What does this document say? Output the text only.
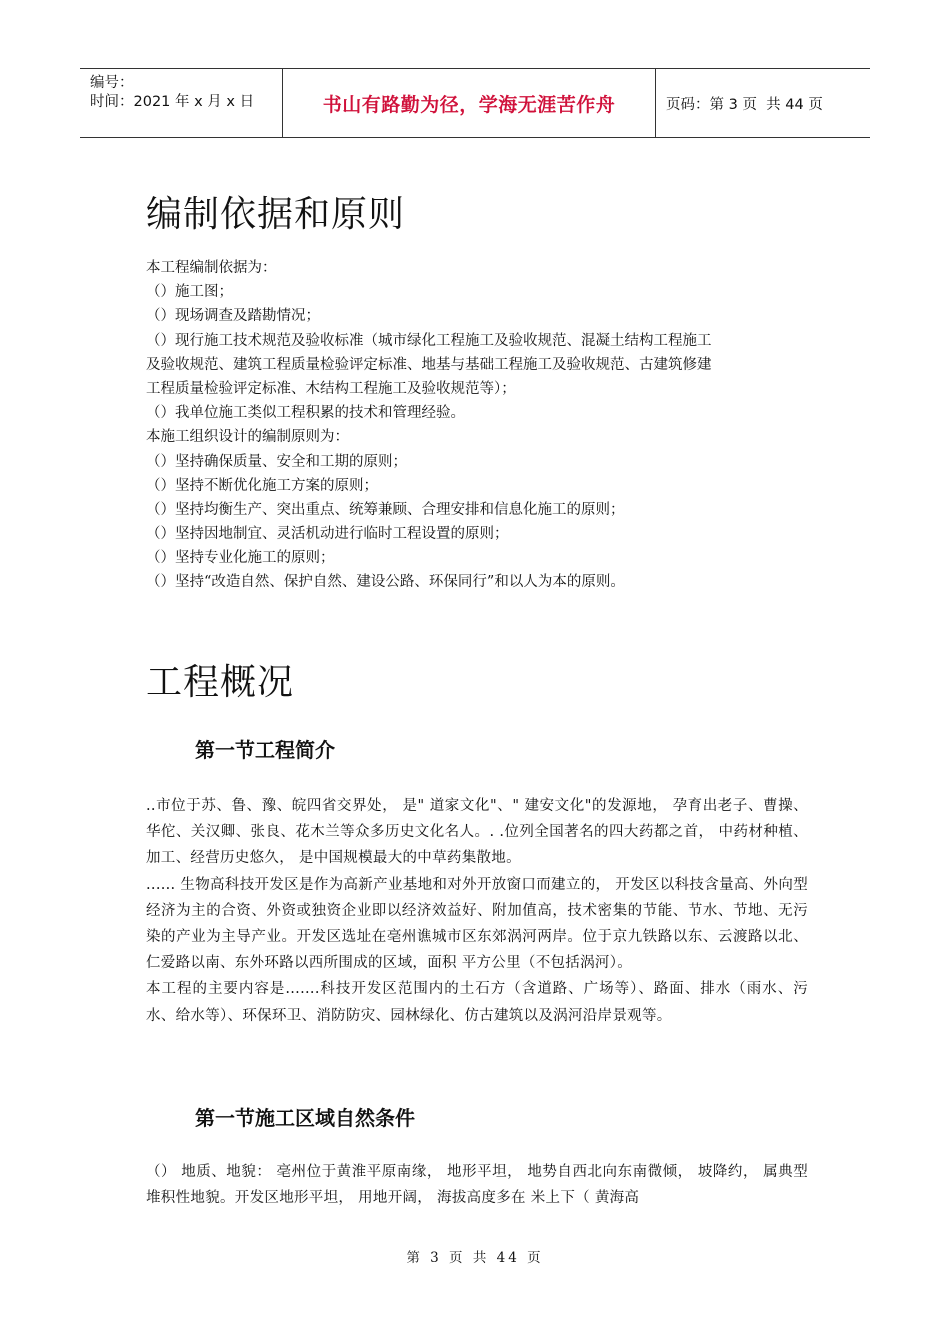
编号：
时间：2021 年 x 月 x 日	书山有路勤为径，学海无涯苦作舟	页码：第 3 页  共 44 页
编制依据和原则
本工程编制依据为：
（）施工图；
（）现场调查及踏勘情况；
（）现行施工技术规范及验收标准（城市绿化工程施工及验收规范、混凝土结构工程施工
及验收规范、建筑工程质量检验评定标准、地基与基础工程施工及验收规范、古建筑修建
工程质量检验评定标准、木结构工程施工及验收规范等）；
（）我单位施工类似工程积累的技术和管理经验。
本施工组织设计的编制原则为：
（）坚持确保质量、安全和工期的原则；
（）坚持不断优化施工方案的原则；
（）坚持均衡生产、突出重点、统筹兼顾、合理安排和信息化施工的原则；
（）坚持因地制宜、灵活机动进行临时工程设置的原则；
（）坚持专业化施工的原则；
（）坚持“改造自然、保护自然、建设公路、环保同行”和以人为本的原则。
工程概况
第一节工程简介
..市位于苏、鲁、豫、皖四省交界处， 是" 道家文化"、" 建安文化"的发源地， 孕育出老子、曹操、华佗、关汉卿、张良、花木兰等众多历史文化名人。. .位列全国著名的四大药都之首， 中药材种植、加工、经营历史悠久， 是中国规模最大的中草药集散地。
...... 生物高科技开发区是作为高新产业基地和对外开放窗口而建立的， 开发区以科技含量高、外向型经济为主的合资、外资或独资企业即以经济效益好、附加值高，技术密集的节能、节水、节地、无污染的产业为主导产业。开发区选址在亳州谯城市区东郊涡河两岸。位于京九铁路以东、云渡路以北、仁爱路以南、东外环路以西所围成的区域，面积 平方公里（不包括涡河）。
本工程的主要内容是.......科技开发区范围内的土石方（含道路、广场等）、路面、排水（雨水、污水、给水等）、环保环卫、消防防灾、园林绿化、仿古建筑以及涡河沿岸景观等。
第一节施工区域自然条件
（） 地质、地貌： 亳州位于黄淮平原南缘， 地形平坦， 地势自西北向东南微倾， 坡降约， 属典型堆积性地貌。开发区地形平坦， 用地开阔， 海拔高度多在 米上下（ 黄海高
第 3 页 共 44 页
